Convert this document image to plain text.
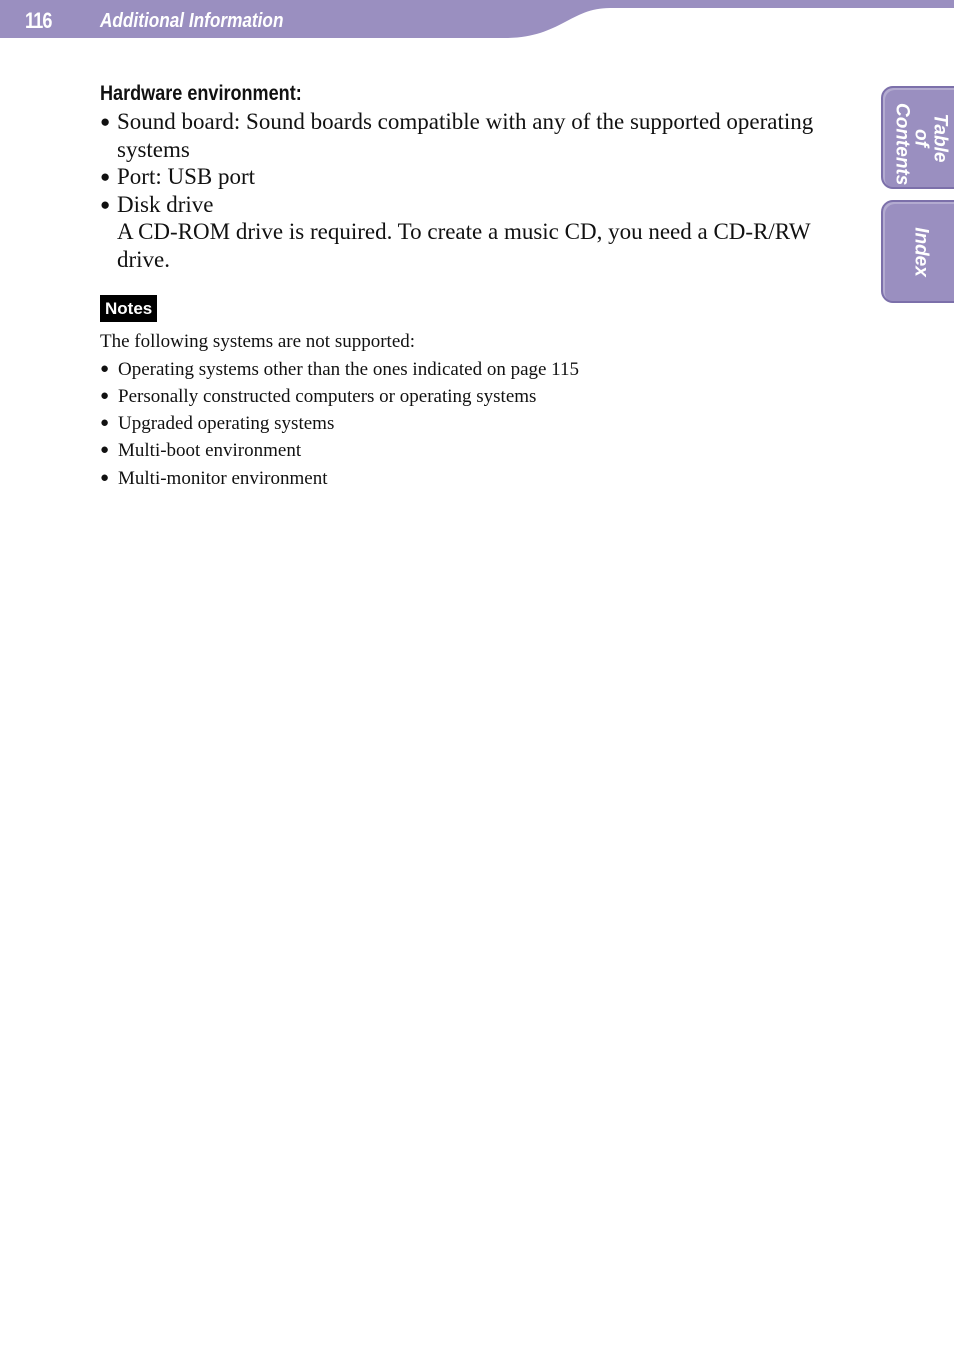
116 Additional Information
Table of Contents
Index
Hardware environment:
● Sound board: Sound boards compatible with any of the supported operating systems
● Port: USB port
● Disk drive
A CD-ROM drive is required. To create a music CD, you need a CD-R/RW drive.
Notes

The following systems are not supported:

● Operating systems other than the ones indicated on page 115
● Personally constructed computers or operating systems
● Upgraded operating systems
● Multi-boot environment
● Multi-monitor environment
